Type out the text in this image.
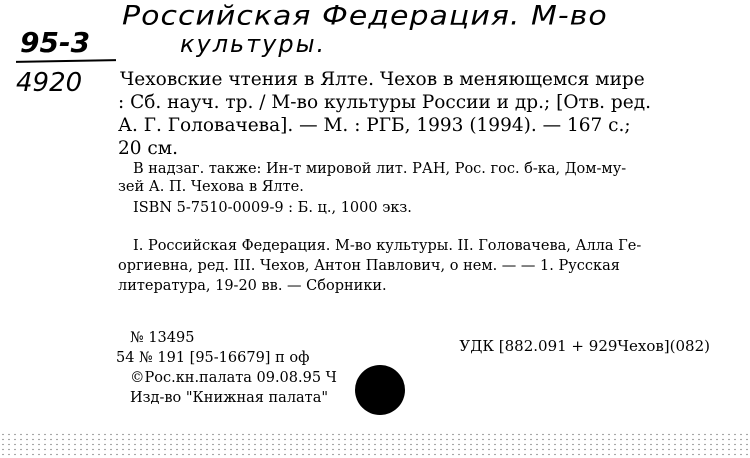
Российская Федерация. М-во
культуры.
95-3
4920 Чеховские чтения в Ялте. Чехов в меняющемся мире
: Сб. науч. тр. / М-во культуры России и др.; [Отв. ред.
А. Г. Головачева]. — М. : РГБ, 1993 (1994). — 167 с.;
20 см.
В надзаг. также: Ин-т мировой лит. РАН, Рос. гос. б-ка, Дом-му-
зей А. П. Чехова в Ялте.
ISBN 5-7510-0009-9 : Б. ц., 1000 экз.
I. Российская Федерация. М-во культуры. II. Головачева, Алла Ге-
оргиевна, ред. III. Чехов, Антон Павлович, о нем. — — 1. Русская
литература, 19-20 вв. — Сборники.
№ 13495	УДК [882.091 + 929Чехов](082)
54 № 191 [95-16679] п оф
©Рос.кн.палата 09.08.95 Ч
Изд-во "Книжная палата"
